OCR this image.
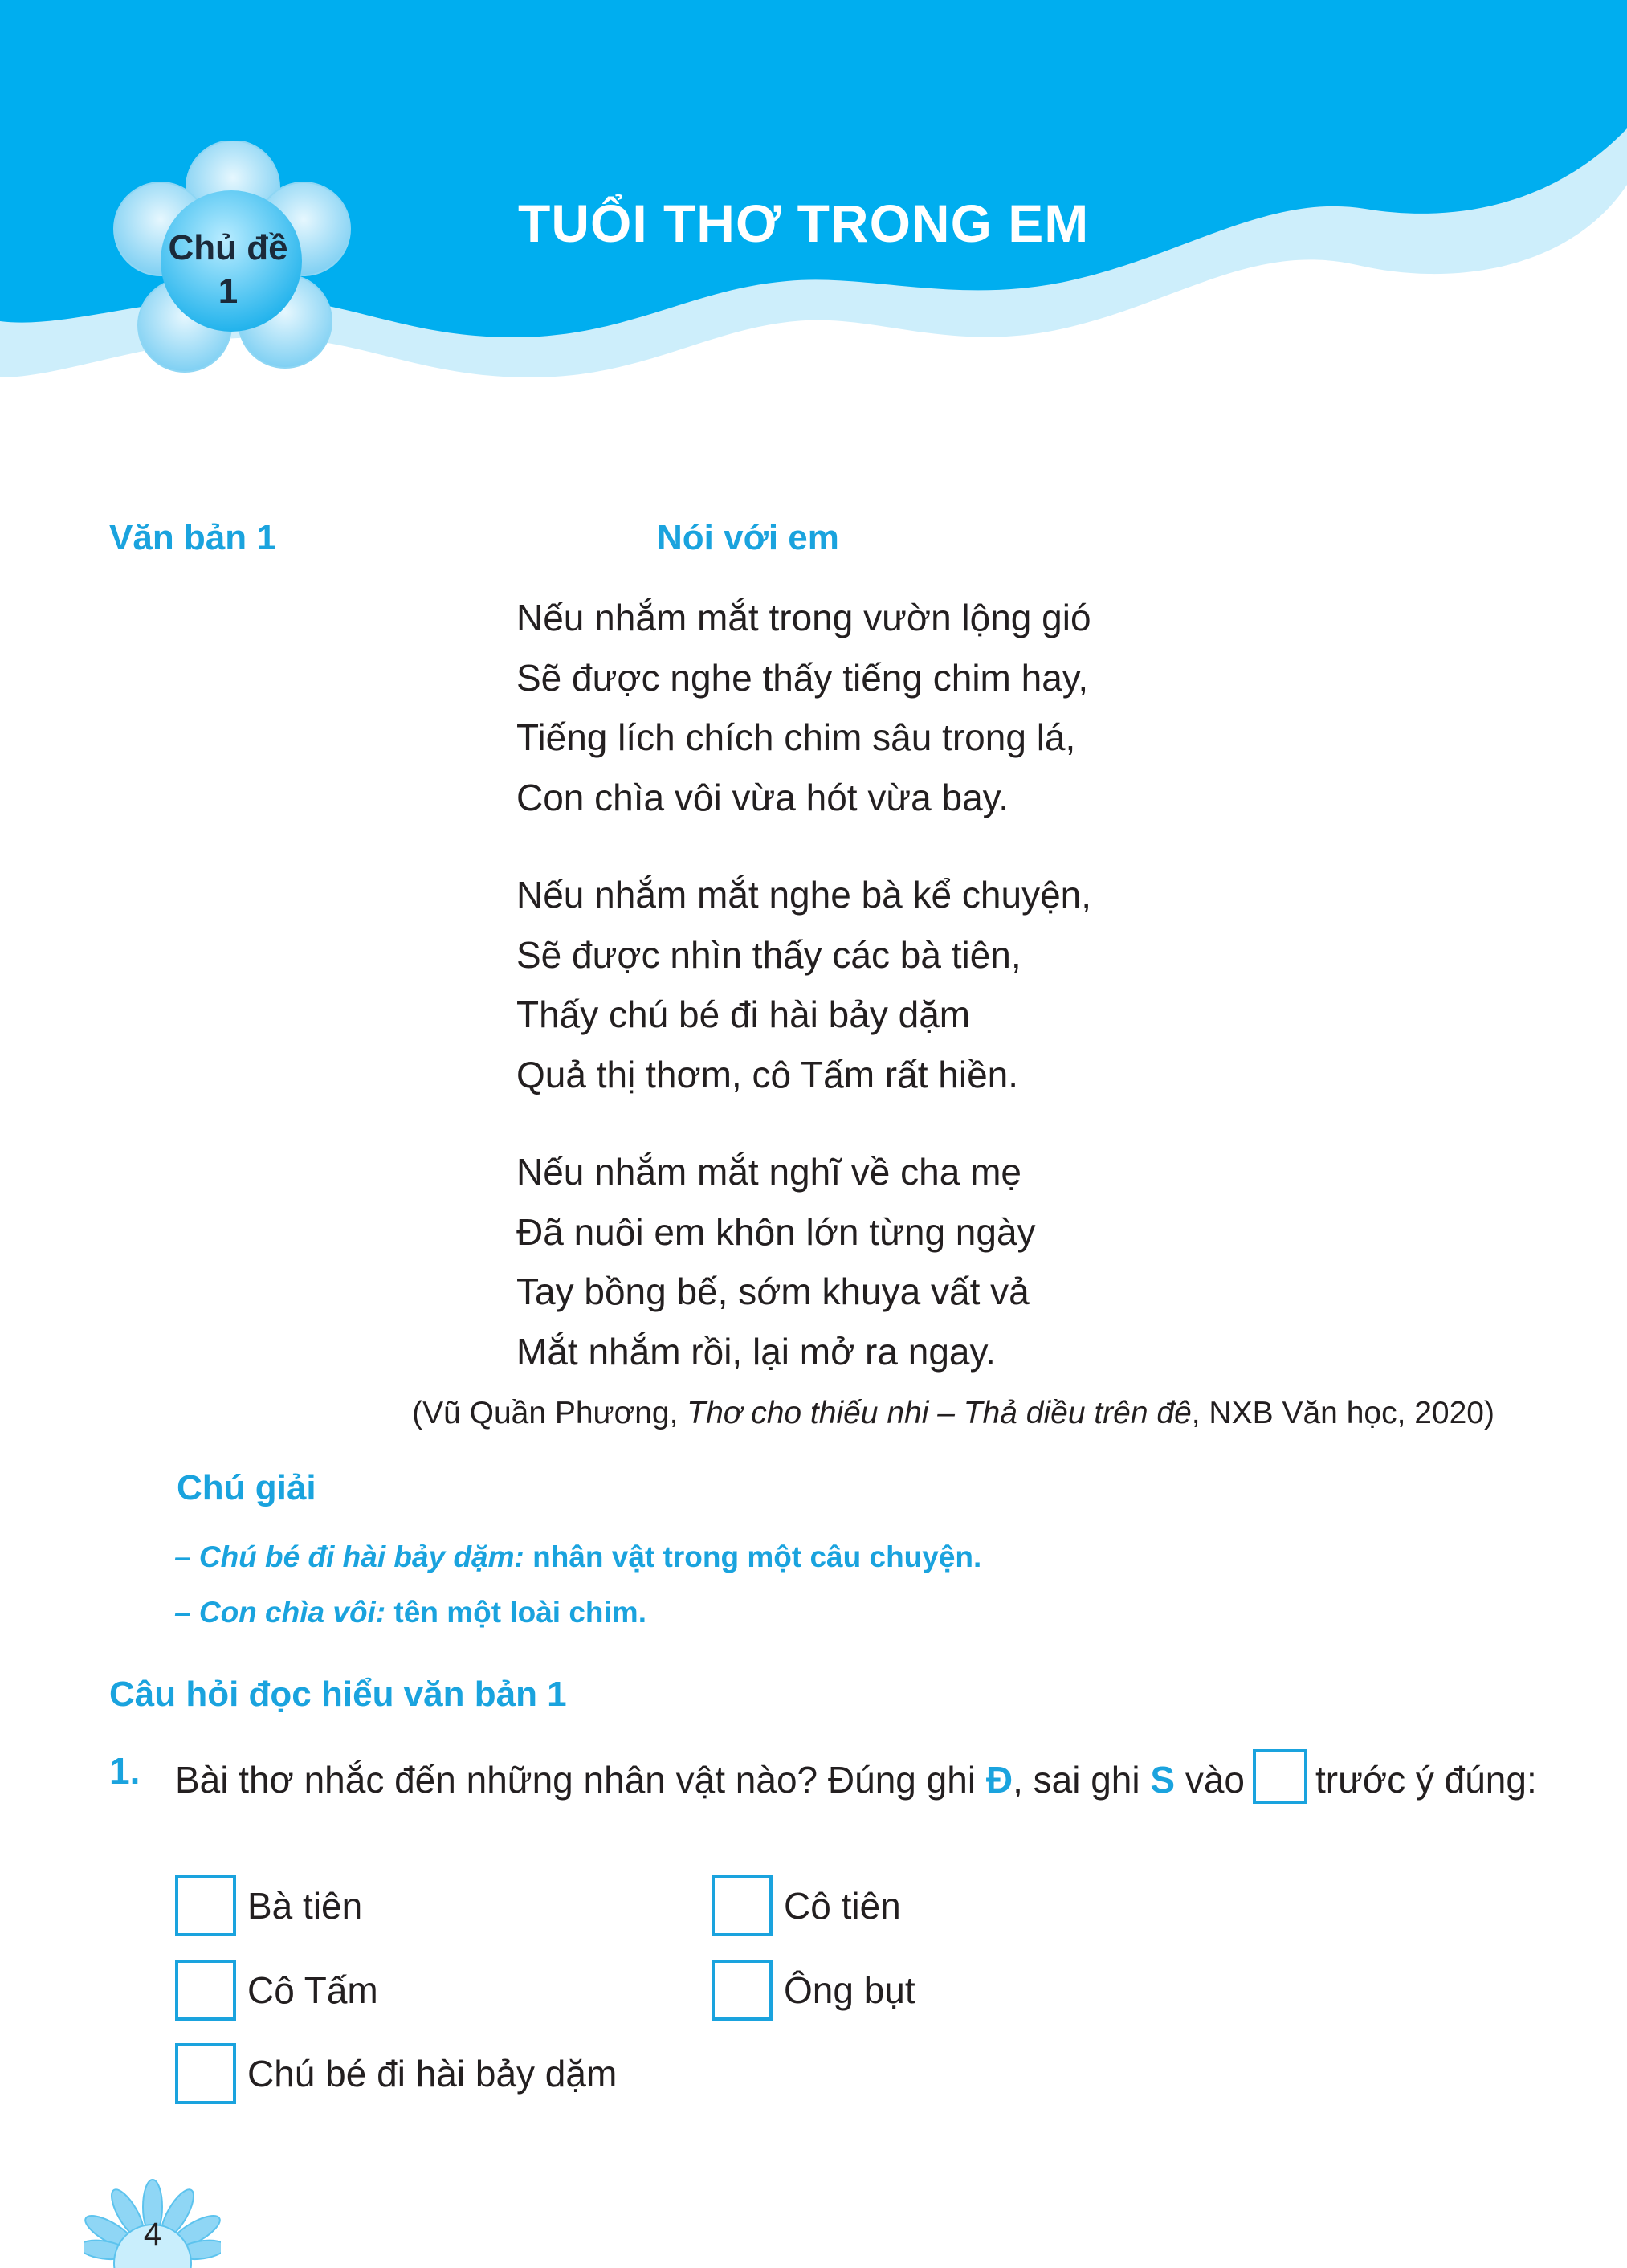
Chủ đề
1
TUỔI THƠ TRONG EM
Văn bản 1	Nói với em
Nếu nhắm mắt trong vườn lộng gió
Sẽ được nghe thấy tiếng chim hay,
Tiếng lích chích chim sâu trong lá,
Con chìa vôi vừa hót vừa bay.
Nếu nhắm mắt nghe bà kể chuyện,
Sẽ được nhìn thấy các bà tiên,
Thấy chú bé đi hài bảy dặm
Quả thị thơm, cô Tấm rất hiền.
Nếu nhắm mắt nghĩ về cha mẹ
Đã nuôi em khôn lớn từng ngày
Tay bồng bế, sớm khuya vất vả
Mắt nhắm rồi, lại mở ra ngay.
(Vũ Quần Phương, Thơ cho thiếu nhi – Thả diều trên đê, NXB Văn học, 2020)
Chú giải
– Chú bé đi hài bảy dặm: nhân vật trong một câu chuyện.
– Con chìa vôi: tên một loài chim.
Câu hỏi đọc hiểu văn bản 1
1. Bài thơ nhắc đến những nhân vật nào? Đúng ghi Đ, sai ghi S vào trước ý đúng:
Bà tiên	Cô tiên
Cô Tấm	Ông bụt
Chú bé đi hài bảy dặm
4
